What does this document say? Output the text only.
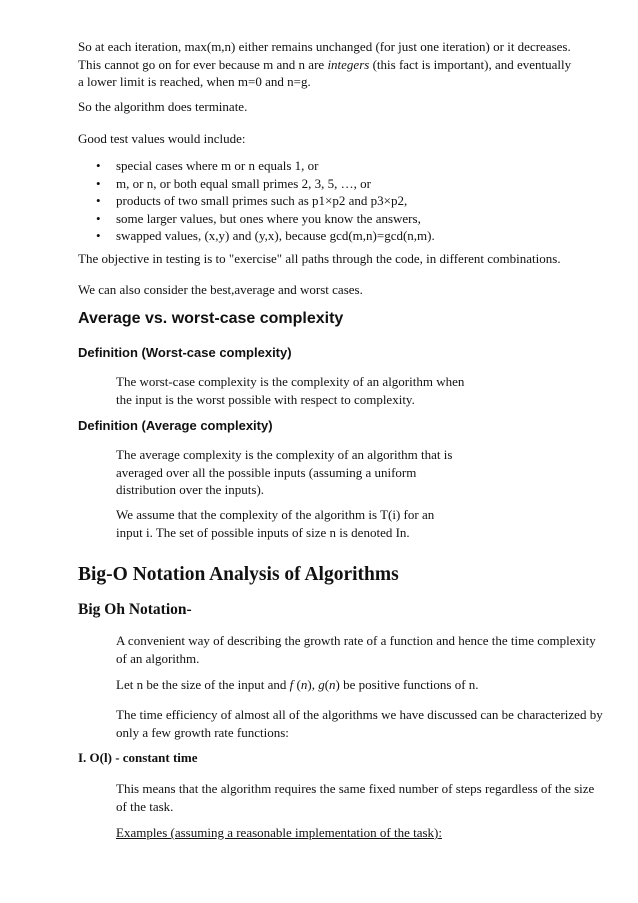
So at each iteration, max(m,n) either remains unchanged (for just one iteration) or it decreases. This cannot go on for ever because m and n are integers (this fact is important), and eventually a lower limit is reached, when m=0 and n=g.

So the algorithm does terminate.

Good test values would include:

• special cases where m or n equals 1, or
• m, or n, or both equal small primes 2, 3, 5, …, or
• products of two small primes such as p1×p2 and p3×p2,
• some larger values, but ones where you know the answers,
• swapped values, (x,y) and (y,x), because gcd(m,n)=gcd(n,m).

The objective in testing is to "exercise" all paths through the code, in different combinations.

We can also consider the best,average and worst cases.

Average vs. worst-case complexity
Definition (Worst-case complexity)

The worst-case complexity is the complexity of an algorithm when
the input is the worst possible with respect to complexity.

Definition (Average complexity)

The average complexity is the complexity of an algorithm that is
averaged over all the possible inputs (assuming a uniform
distribution over the inputs).

We assume that the complexity of the algorithm is T(i) for an
input i. The set of possible inputs of size n is denoted In.

Big-O Notation Analysis of Algorithms
Big Oh Notation-

A convenient way of describing the growth rate of a function and hence the time complexity of an algorithm.

Let n be the size of the input and f (n), g(n) be positive functions of n.

The time efficiency of almost all of the algorithms we have discussed can be characterized by only a few growth rate functions:

I. O(l) - constant time

This means that the algorithm requires the same fixed number of steps regardless of the size of the task.

Examples (assuming a reasonable implementation of the task):
